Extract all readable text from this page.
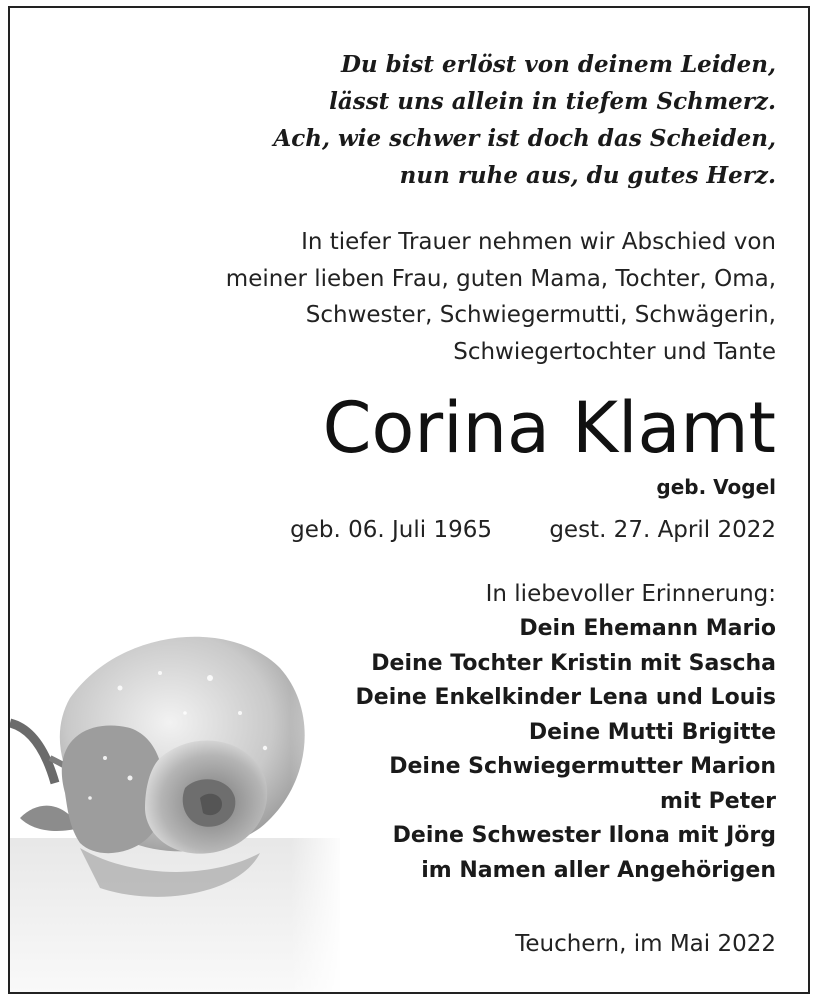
Du bist erlöst von deinem Leiden,
lässt uns allein in tiefem Schmerz.
Ach, wie schwer ist doch das Scheiden,
nun ruhe aus, du gutes Herz.
In tiefer Trauer nehmen wir Abschied von
meiner lieben Frau, guten Mama, Tochter, Oma,
Schwester, Schwiegermutti, Schwägerin,
Schwiegertochter und Tante
Corina Klamt
geb. Vogel
geb. 06. Juli 1965 gest. 27. April 2022
In liebevoller Erinnerung:
Dein Ehemann Mario
Deine Tochter Kristin mit Sascha
Deine Enkelkinder Lena und Louis
Deine Mutti Brigitte
Deine Schwiegermutter Marion
mit Peter
Deine Schwester Ilona mit Jörg
im Namen aller Angehörigen
Teuchern, im Mai 2022
